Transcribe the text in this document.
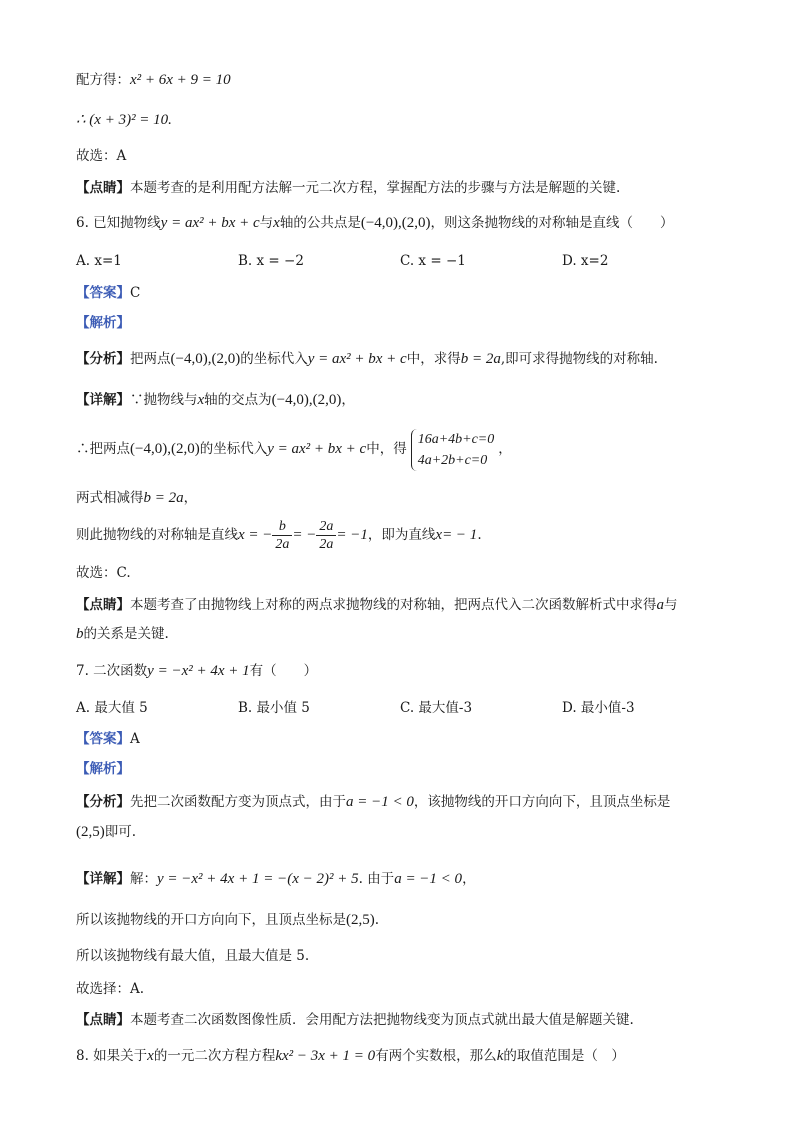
配方得：x² + 6x + 9 = 10
∴ (x + 3)² = 10.
故选：A
【点睛】本题考查的是利用配方法解一元二次方程，掌握配方法的步骤与方法是解题的关键.
6. 已知抛物线y = ax² + bx + c与x轴的公共点是(−4,0),(2,0)，则这条抛物线的对称轴是直线（　　）
A. x=1	B. x = −2	C. x = −1	D. x=2
【答案】C
【解析】
【分析】把两点(−4,0),(2,0)的坐标代入y = ax² + bx + c中，求得b = 2a,即可求得抛物线的对称轴.
【详解】∵抛物线与x轴的交点为(−4,0),(2,0)，
∴把两点(−4,0),(2,0)的坐标代入y = ax² + bx + c中，得
16a+4b+c=0
4a+2b+c=0
，
两式相减得b = 2a，
则此抛物线的对称轴是直线x = − $\frac{b}{2a}$ = − $\frac{2a}{2a} = -1$，即为直线x= − 1.
故选：C.
【点睛】本题考查了由抛物线上对称的两点求抛物线的对称轴，把两点代入二次函数解析式中求得a与
b的关系是关键.
7. 二次函数y = −x² + 4x + 1有（　　）
A. 最大值 5	B. 最小值 5	C. 最大值-3	D. 最小值-3
【答案】A
【解析】
【分析】先把二次函数配方变为顶点式，由于a = −1 < 0，该抛物线的开口方向向下，且顶点坐标是
(2,5)即可.
【详解】解：y = −x² + 4x + 1 = −(x − 2)² + 5. 由于a = −1 < 0，
所以该抛物线的开口方向向下，且顶点坐标是(2,5).
所以该抛物线有最大值，且最大值是 5.
故选择：A.
【点睛】本题考查二次函数图像性质．会用配方法把抛物线变为顶点式就出最大值是解题关键.
8. 如果关于x的一元二次方程方程kx² − 3x + 1 = 0有两个实数根，那么k的取值范围是（　）
